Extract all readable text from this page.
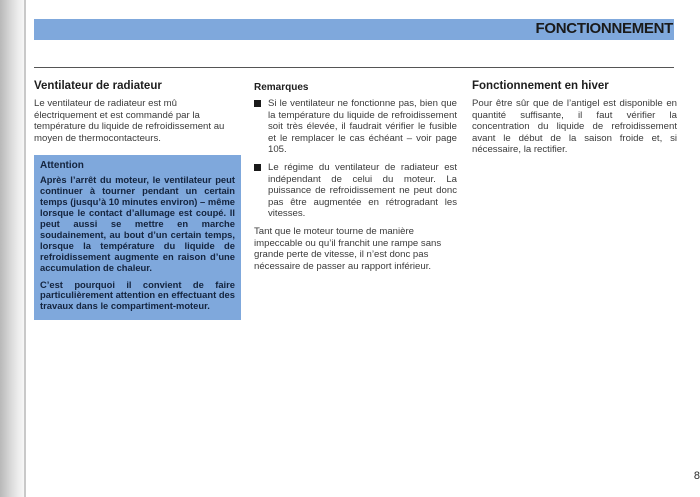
FONCTIONNEMENT
Ventilateur de radiateur

Le ventilateur de radiateur est mû électriquement et est commandé par la température du liquide de refroidissement au moyen de thermocontacteurs.

Attention

Après l’arrêt du moteur, le ventilateur peut continuer à tourner pendant un certain temps (jusqu’à 10 minutes environ) – même lorsque le contact d’allumage est coupé. Il peut aussi se mettre en marche soudainement, au bout d’un certain temps, lorsque la température du liquide de refroidissement augmente en raison d’une accumulation de chaleur.

C’est pourquoi il convient de faire particulièrement attention en effectuant des travaux dans le compartiment-moteur.

Remarques

Si le ventilateur ne fonctionne pas, bien que la température du liquide de refroidissement soit très élevée, il faudrait vérifier le fusible et le remplacer le cas échéant – voir page 105.

Le régime du ventilateur de radiateur est indépendant de celui du moteur. La puissance de refroidissement ne peut donc pas être augmentée en rétrogradant les vitesses.

Tant que le moteur tourne de manière impeccable ou qu’il franchit une rampe sans grande perte de vitesse, il n’est donc pas nécessaire de passer au rapport inférieur.

Fonctionnement en hiver

Pour être sûr que de l’antigel est disponible en quantité suffisante, il faut vérifier la concentration du liquide de refroidissement avant le début de la saison froide et, si nécessaire, la rectifier.

8
